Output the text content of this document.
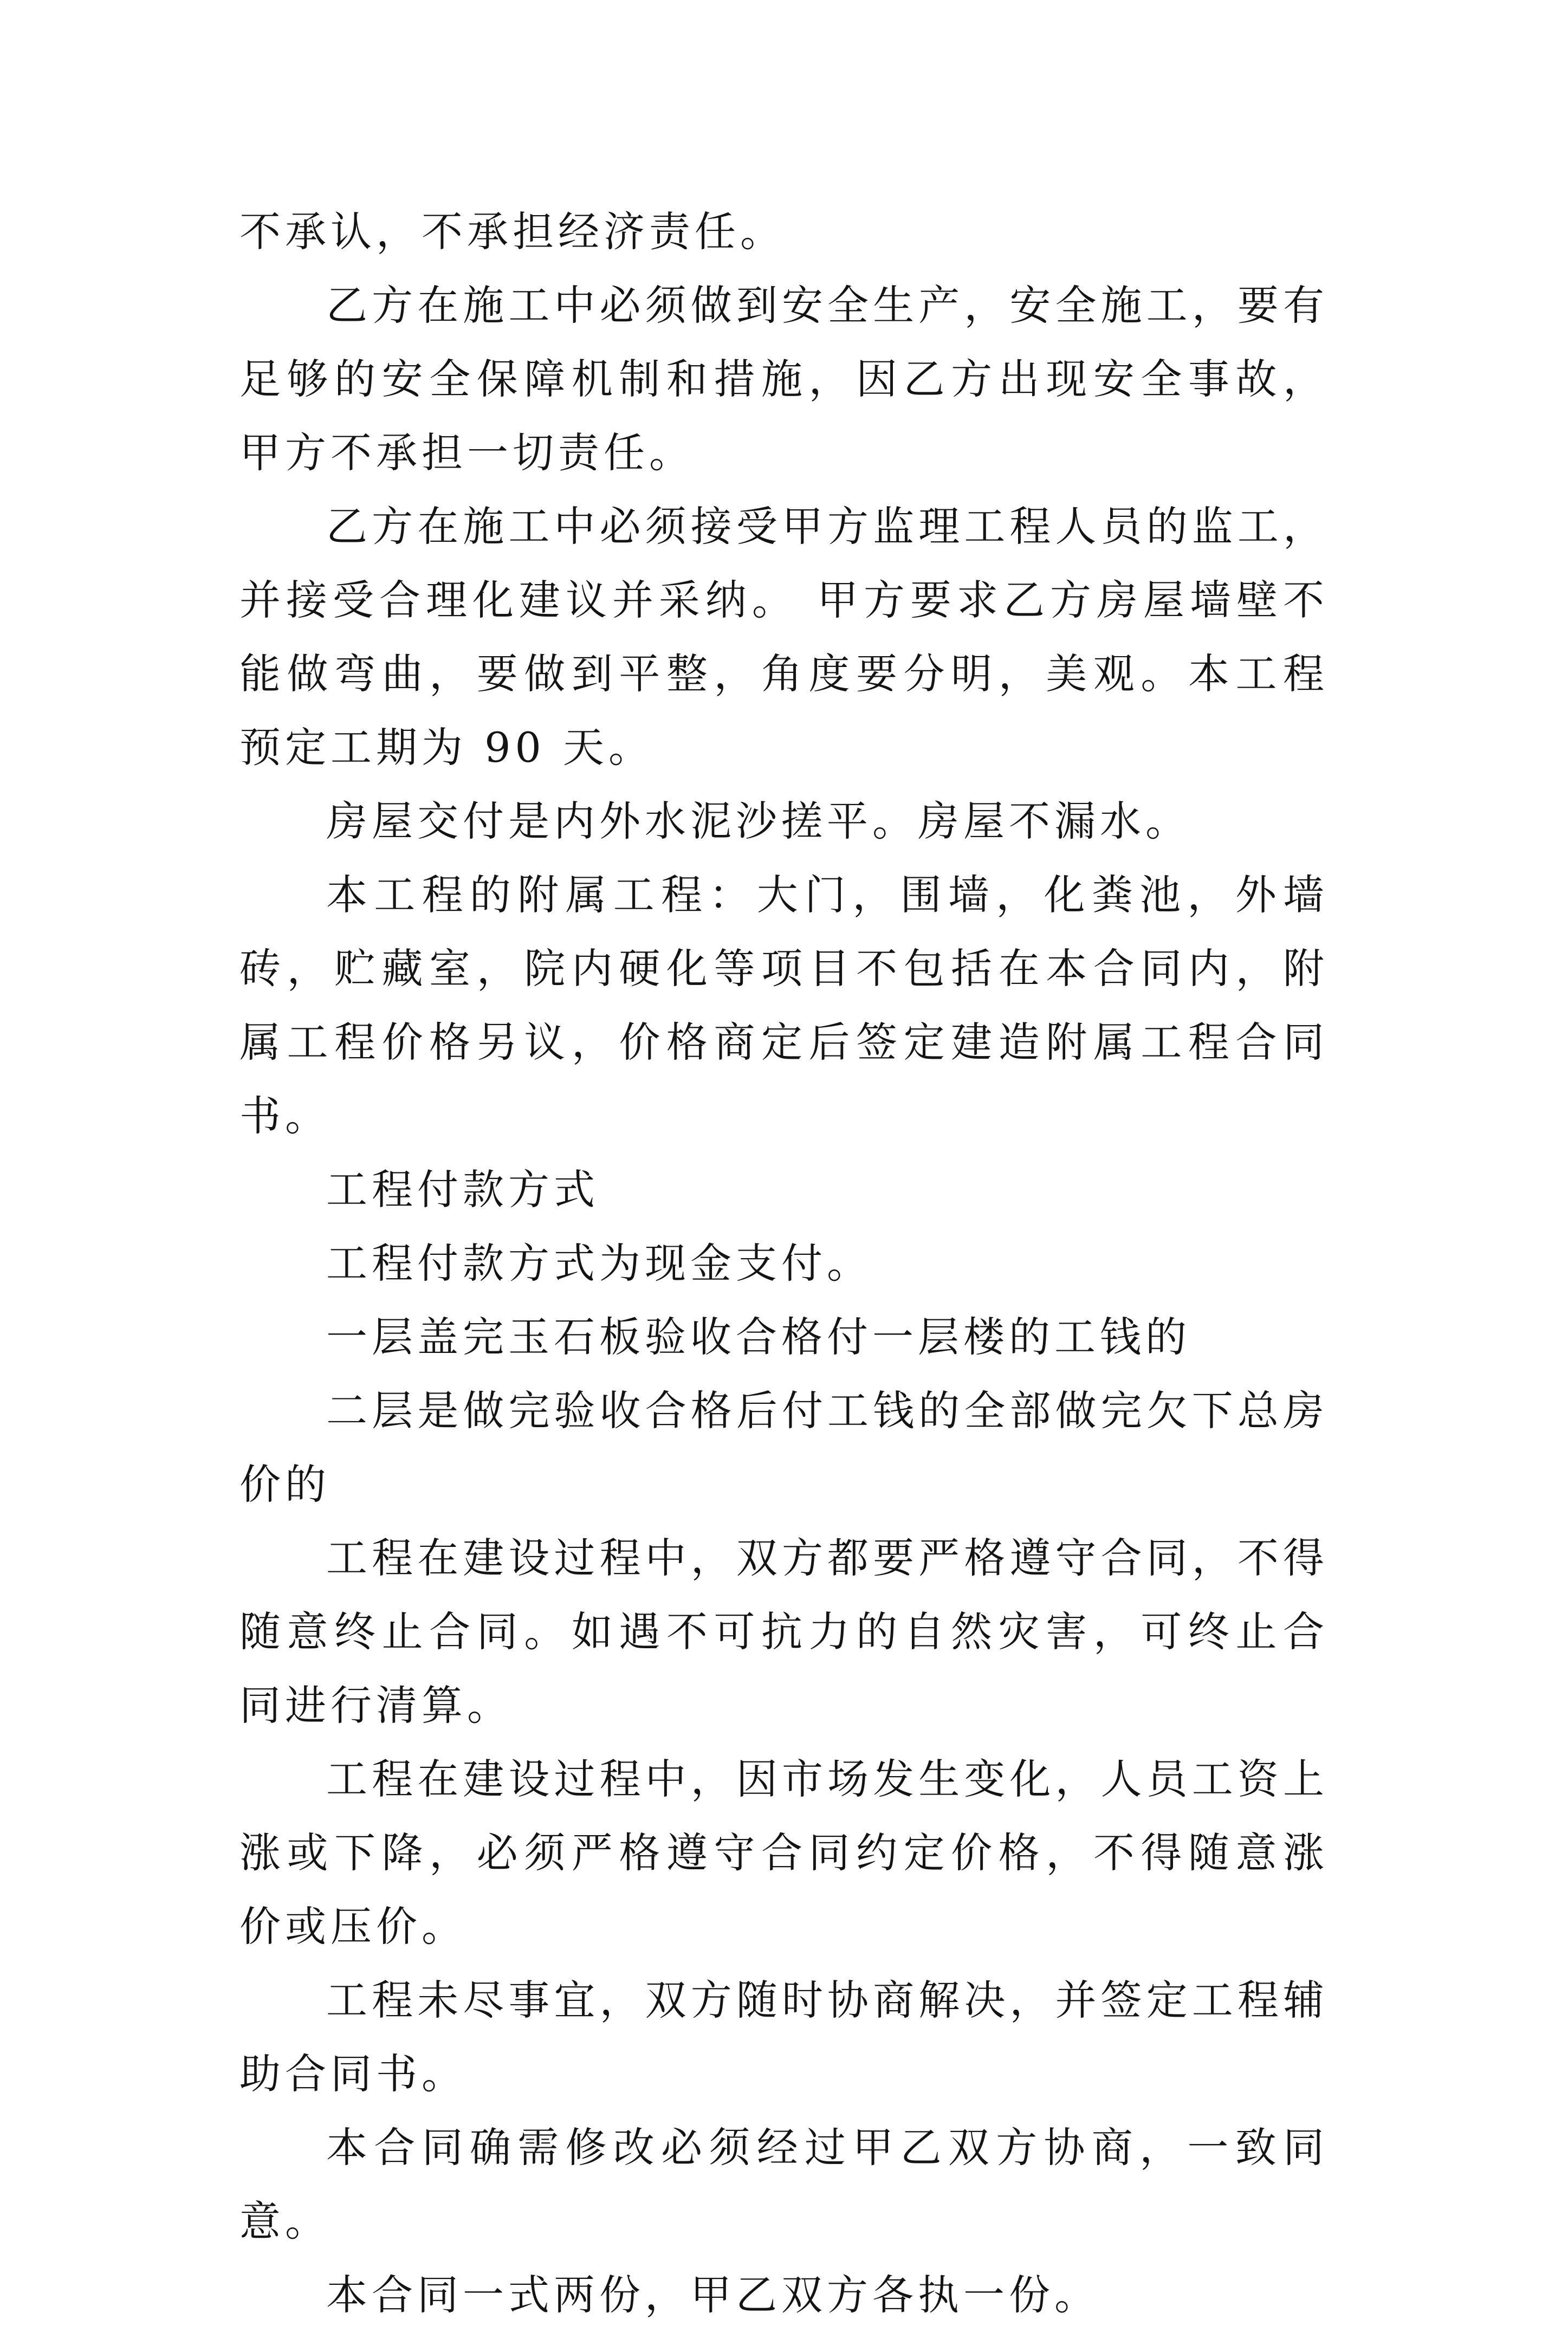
不承认，不承担经济责任。

乙方在施工中必须做到安全生产，安全施工，要有足够的安全保障机制和措施，因乙方出现安全事故，甲方不承担一切责任。

乙方在施工中必须接受甲方监理工程人员的监工，并接受合理化建议并采纳。 甲方要求乙方房屋墙壁不能做弯曲，要做到平整，角度要分明，美观。本工程预定工期为 90 天。

房屋交付是内外水泥沙搓平。房屋不漏水。

本工程的附属工程：大门，围墙，化粪池，外墙砖，贮藏室，院内硬化等项目不包括在本合同内，附属工程价格另议，价格商定后签定建造附属工程合同书。

工程付款方式

工程付款方式为现金支付。

一层盖完玉石板验收合格付一层楼的工钱的

二层是做完验收合格后付工钱的全部做完欠下总房价的

工程在建设过程中，双方都要严格遵守合同，不得随意终止合同。如遇不可抗力的自然灾害，可终止合同进行清算。

工程在建设过程中，因市场发生变化，人员工资上涨或下降，必须严格遵守合同约定价格，不得随意涨价或压价。

工程未尽事宜，双方随时协商解决，并签定工程辅助合同书。

本合同确需修改必须经过甲乙双方协商，一致同意。

本合同一式两份，甲乙双方各执一份。
